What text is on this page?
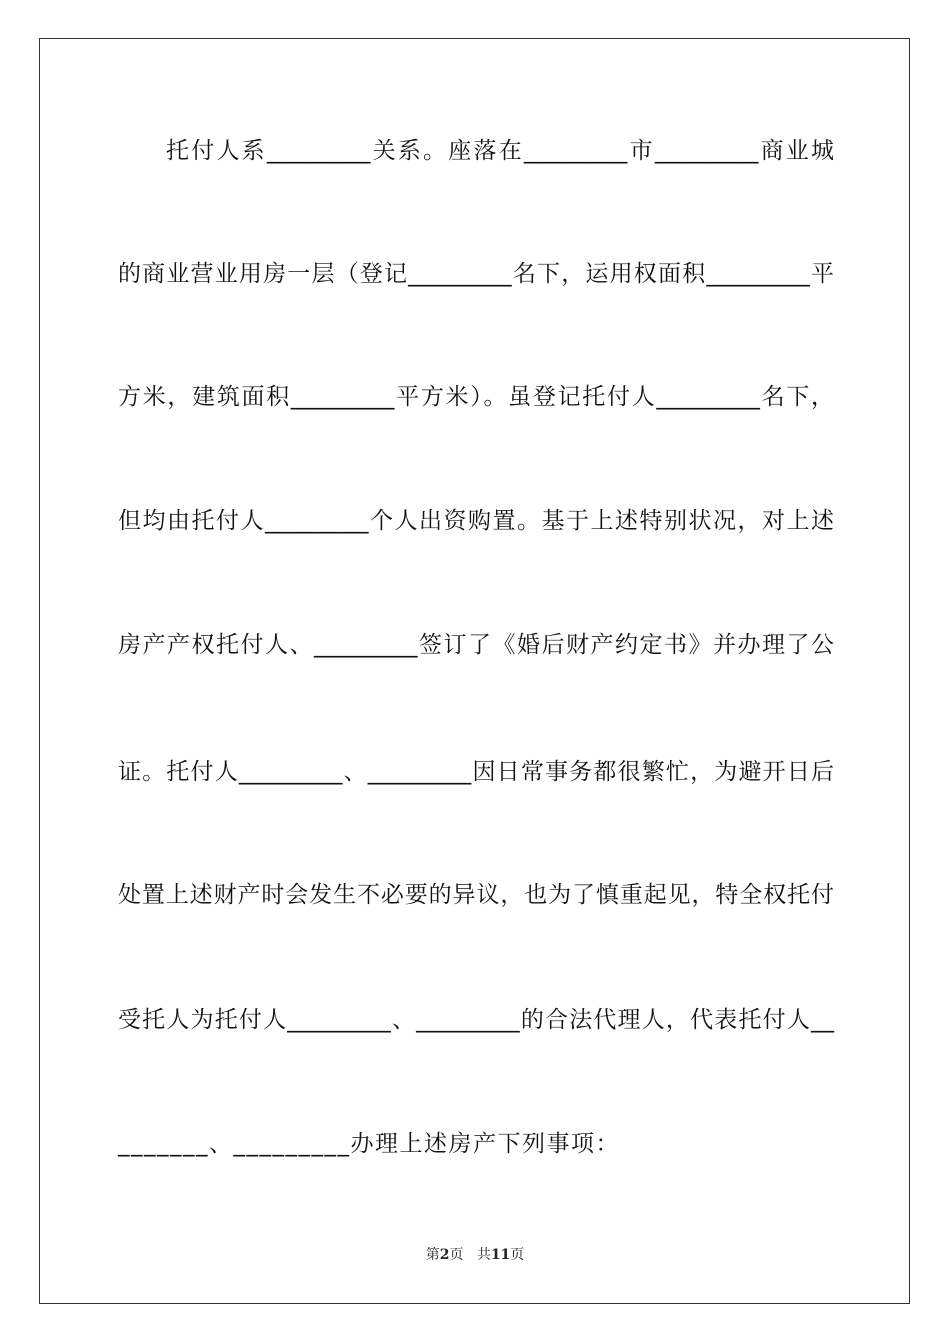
托付人系_________关系。座落在_________市_________商业城
的商业营业用房一层（登记_________名下，运用权面积_________平
方米，建筑面积_________平方米）。虽登记托付人_________名下，
但均由托付人_________个人出资购置。基于上述特别状况，对上述
房产产权托付人、_________签订了《婚后财产约定书》并办理了公
证。托付人_________、_________因日常事务都很繁忙，为避开日后
处置上述财产时会发生不必要的异议，也为了慎重起见，特全权托付
受托人为托付人_________、_________的合法代理人，代表托付人__
_______、_________办理上述房产下列事项：
第2页 共11页
